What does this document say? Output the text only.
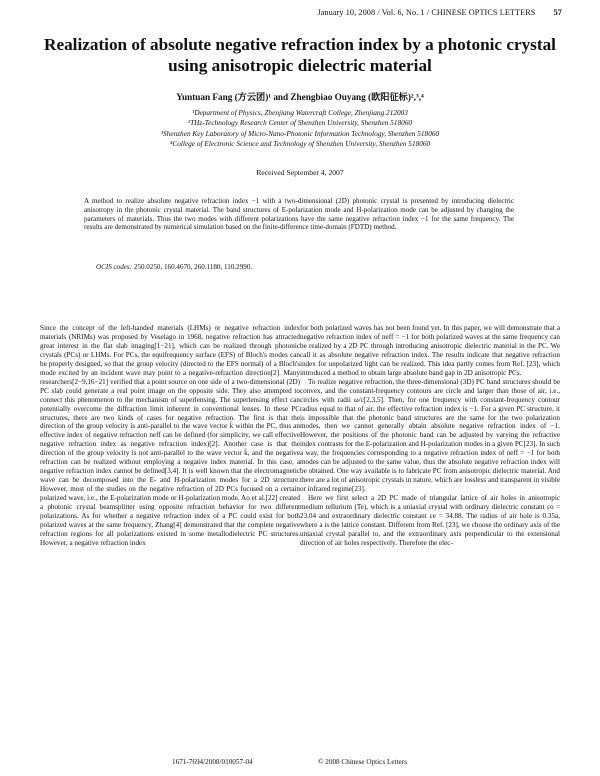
January 10, 2008 / Vol. 6, No. 1 / CHINESE OPTICS LETTERS 57
Realization of absolute negative refraction index by a photonic crystal using anisotropic dielectric material
Yuntuan Fang (方云团)¹ and Zhengbiao Ouyang (欧阳征标)²,³,⁴
¹Department of Physics, Zhenjiang Watercraft College, Zhenjiang 212003
²THz-Technology Research Center of Shenzhen University, Shenzhen 518060
³Shenzhen Key Laboratory of Micro-Nano-Photonic Information Technology, Shenzhen 518060
⁴College of Electronic Science and Technology of Shenzhen University, Shenzhen 518060
Received September 4, 2007

A method to realize absolute negative refraction index −1 with a two-dimensional (2D) photonic crystal is presented by introducing dielectric anisotropy in the photonic crystal material. The band structures of E-polarization mode and H-polarization mode can be adjusted by changing the parameters of materials. Thus the two modes with different polarizations have the same negative refraction index −1 for the same frequency. The results are demonstrated by numerical simulation based on the finite-difference time-domain (FDTD) method.

OCIS codes: 250.0250, 160.4670, 260.1180, 110.2990.
Since the concept of the left-handed materials (LHMs) or negative refraction index materials (NRIMs) was proposed by Veselago in 1968, negative refraction has attracted great interest in the flat slab imaging[1−21], which can be realized through photonic crystals (PCs) or LHMs. For PCs, the equifrequency surface (EFS) of Bloch's modes can be properly designed, so that the group velocity (directed to the EFS normal) of a Bloch's mode excited by an incident wave may point to a negative-refraction direction[2]. Many researchers[2−9,16−21] verified that a point source on one side of a two-dimensional (2D) PC slab could generate a real point image on the opposite side. They also attempted to connect this phenomenon to the mechanism of superlensing. The superlensing effect can potentially overcome the diffraction limit inherent in conventional lenses. In these PC structures, there are two kinds of cases for negative refraction. The first is that the direction of the group velocity is anti-parallel to the wave vector k̂ within the PC, thus an effective index of negative refraction neff can be defined (for simplicity, we call effective negative refraction index as negative refraction index)[2]. Another case is that the direction of the group velocity is not anti-parallel to the wave vector k̂, and the negative refraction can be realized without employing a negative index material. In this case, a negative refraction index cannot be defined[3,4]. It is well known that the electromagnetic wave can be decomposed into the E- and H-polarization modes for a 2D structure. However, most of the studies on the negative refraction of 2D PCs focused on a certain polarized wave, i.e., the E-polarization mode or H-polarization mode. Ao et al.[22] created a photonic crystal beamsplitter using opposite refraction behavior for two different polarizations. As for whether a negative refraction index of a PC could exist for both polarized waves at the same frequency, Zhang[4] demonstrated that the complete negative refraction regions for all polarizations existed in some metallodielectric PC structures. However, a negative refraction index
for both polarized waves has not been found yet. In this paper, we will demonstrate that a negative refraction index of neff = −1 for both polarized waves at the same frequency can be realized by a 2D PC through introducing anisotropic dielectric material in the PC. We call it as absolute negative refraction index. The results indicate that negative refraction index for unpolarized light can be realized. This idea partly comes from Ref. [23], which introduced a method to obtain large absolute band gap in 2D anisotropic PCs.
To realize negative refraction, the three-dimensional (3D) PC band structures should be convex, and the constant-frequency contours are circle and larger than those of air, i.e., circles with radii ω/c[2,3,5]. Then, for one frequency with constant-frequency contour radius equal to that of air, the effective refraction index is −1. For a given PC structure, it is impossible that the photonic band structures are the same for the two polarization modes, then we cannot generally obtain absolute negative refraction index of −1. However, the positions of the photonic band can be adjusted by varying the refractive index contrasts for the E-polarization and H-polarization modes in a given PC[23]. In such a way, the frequencies corresponding to a negative refraction index of neff = −1 for both modes can be adjusted to the same value, thus the absolute negative refraction index will be obtained. One way available is to fabricate PC from anisotropic dielectric material. And there are a lot of anisotropic crystals in nature, which are lossless and transparent in visible or infrared regime[23].
Here we first select a 2D PC made of triangular lattice of air holes in anisotropic medium tellurium (Te), which is a uniaxial crystal with ordinary dielectric constant εo = 23.04 and extraordinary dielectric constant εe = 34.88. The radius of air hole is 0.35a, where a is the lattice constant. Different from Ref. [23], we choose the ordinary axis of the uniaxial crystal parallel to, and the extraordinary axis perpendicular to the extensional direction of air holes respectively. Therefore the elec-
1671-7694/2008/010057-04	© 2008 Chinese Optics Letters
